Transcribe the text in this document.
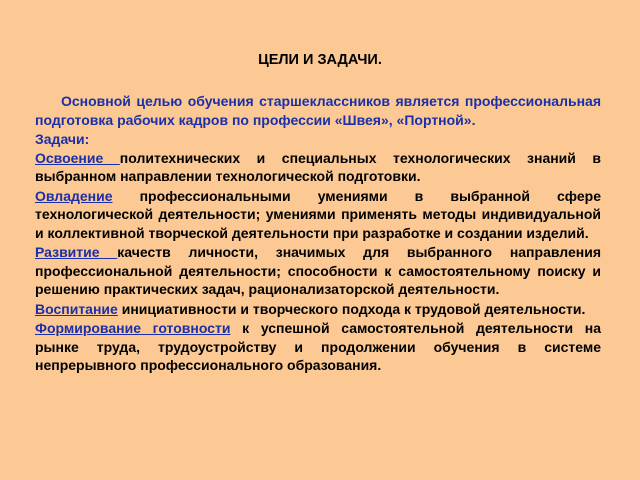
ЦЕЛИ И ЗАДАЧИ.

Основной целью обучения старшеклассников является профессиональная подготовка рабочих кадров по профессии «Швея», «Портной».

Задачи:

Освоение политехнических и специальных технологических знаний в выбранном направлении технологической подготовки.

Овладение профессиональными умениями в выбранной сфере технологической деятельности; умениями применять методы индивидуальной и коллективной творческой деятельности при разработке и создании изделий.

Развитие качеств личности, значимых для выбранного направления профессиональной деятельности; способности к самостоятельному поиску и решению практических задач, рационализаторской деятельности.

Воспитание инициативности и творческого подхода к трудовой деятельности.

Формирование готовности к успешной самостоятельной деятельности на рынке труда, трудоустройству и продолжении обучения в системе непрерывного профессионального образования.
